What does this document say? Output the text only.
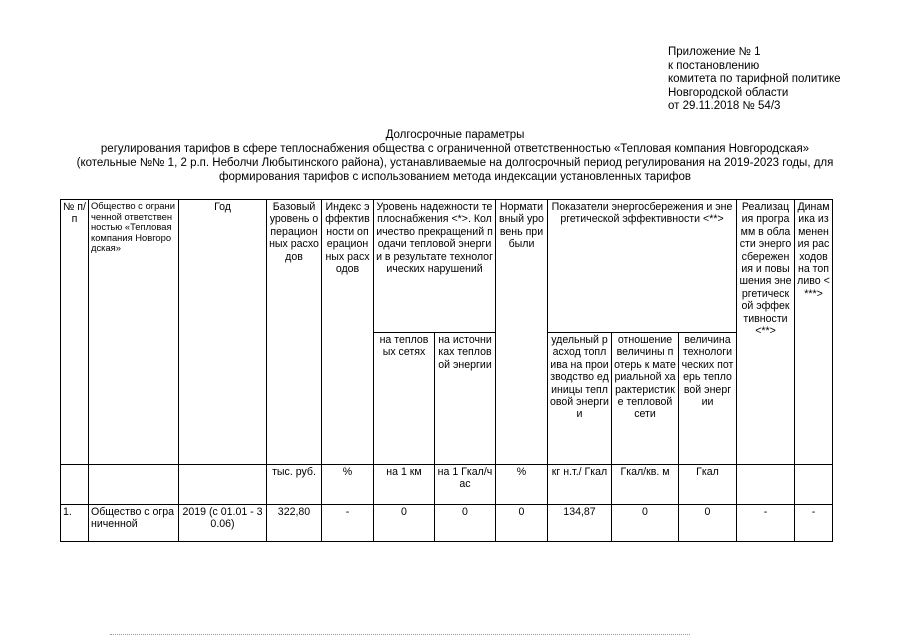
Приложение № 1
к постановлению
комитета по тарифной политике
Новгородской области
от 29.11.2018 № 54/3
Долгосрочные параметры
регулирования тарифов в сфере теплоснабжения общества с ограниченной ответственностью «Тепловая компания Новгородская»
(котельные №№ 1, 2 р.п. Неболчи Любытинского района), устанавливаемые на долгосрочный период регулирования на 2019-2023 годы, для
формирования тарифов с использованием метода индексации установленных тарифов
№ п/п	Общество с ограниченной ответственностью «Тепловая компания Новгородская»	Год	Базовый уровень операционных расходов	Индекс эффективности операционных расходов	Уровень надежности теплоснабжения <*>. Количество прекращений подачи тепловой энергии в результате технологических нарушений		Нормативный уровень прибыли	Показатели энергосбережения и энергетической эффективности <**>			Реализация программ в области энергосбережения и повышения энергетической эффективности <**>	Динамика изменения расходов на топливо <***>
					на тепловых сетях	на источниках тепловой энергии		удельный расход топлива на производство единицы тепловой энергии	отношение величины потерь к материальной характеристике тепловой сети	величина технологических потерь тепловой энергии		
			тыс. руб.	%	на 1 км	на 1 Гкал/час	%	кг н.т./ Гкал	Гкал/кв. м	Гкал		
1.	Общество с ограниченной	2019 (с 01.01 - 30.06)	322,80	-	0	0	0	134,87	0	0	-	-
